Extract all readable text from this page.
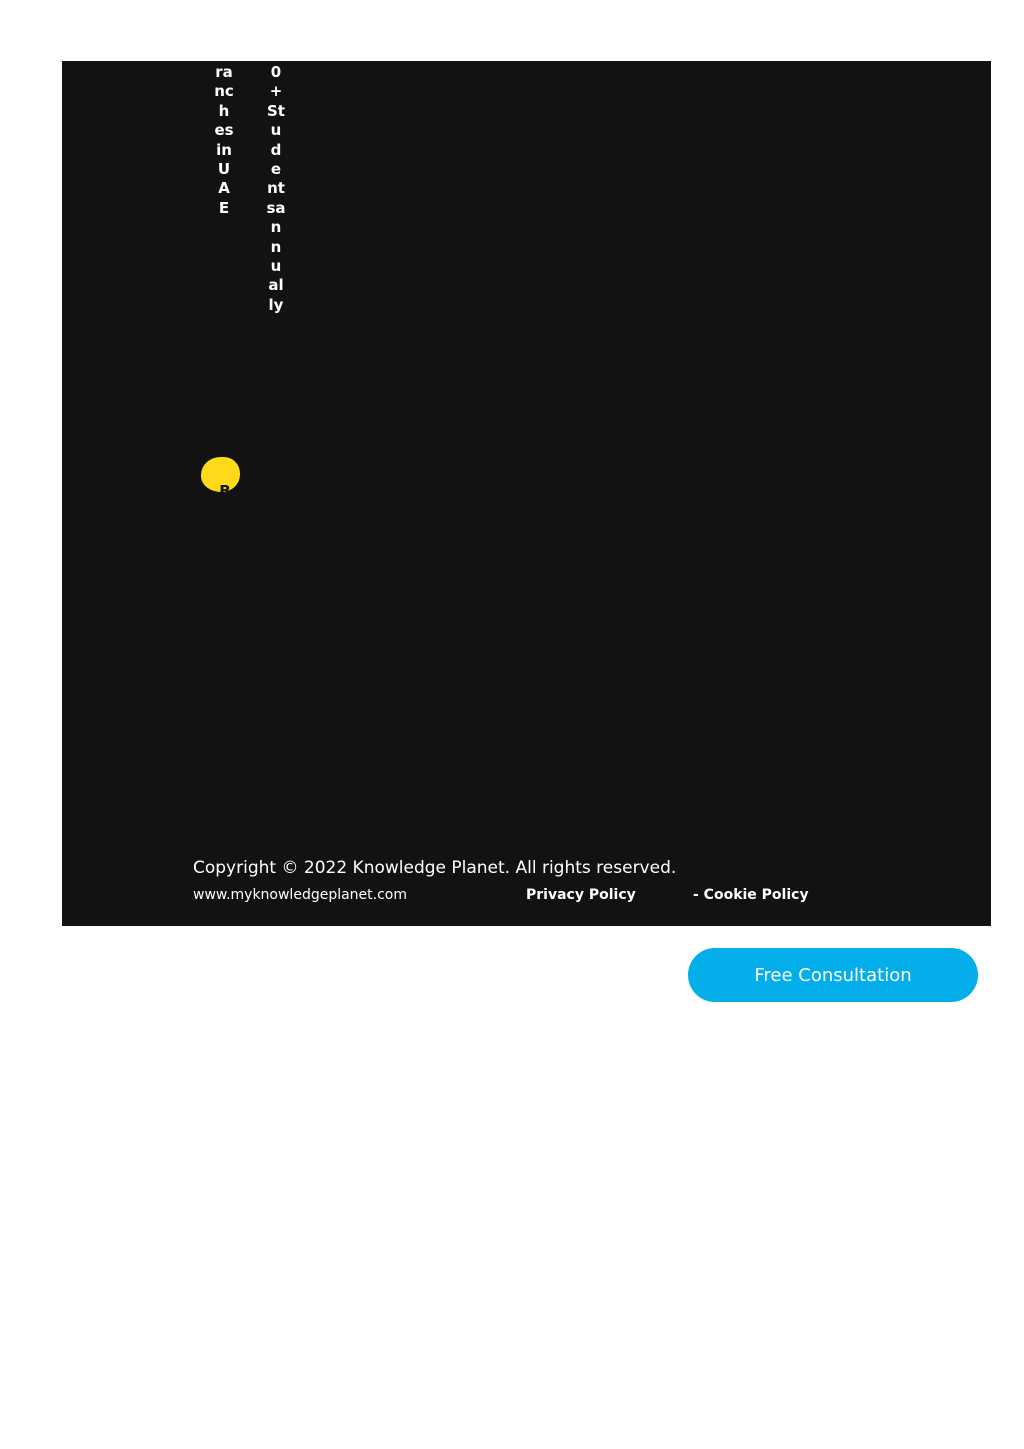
ranchesinUAE
0+Studentsannually
BestResultsinGCC
Copyright © 2022 Knowledge Planet. All rights reserved.
www.myknowledgeplanet.com	Privacy Policy	- Cookie Policy
Free Consultation
